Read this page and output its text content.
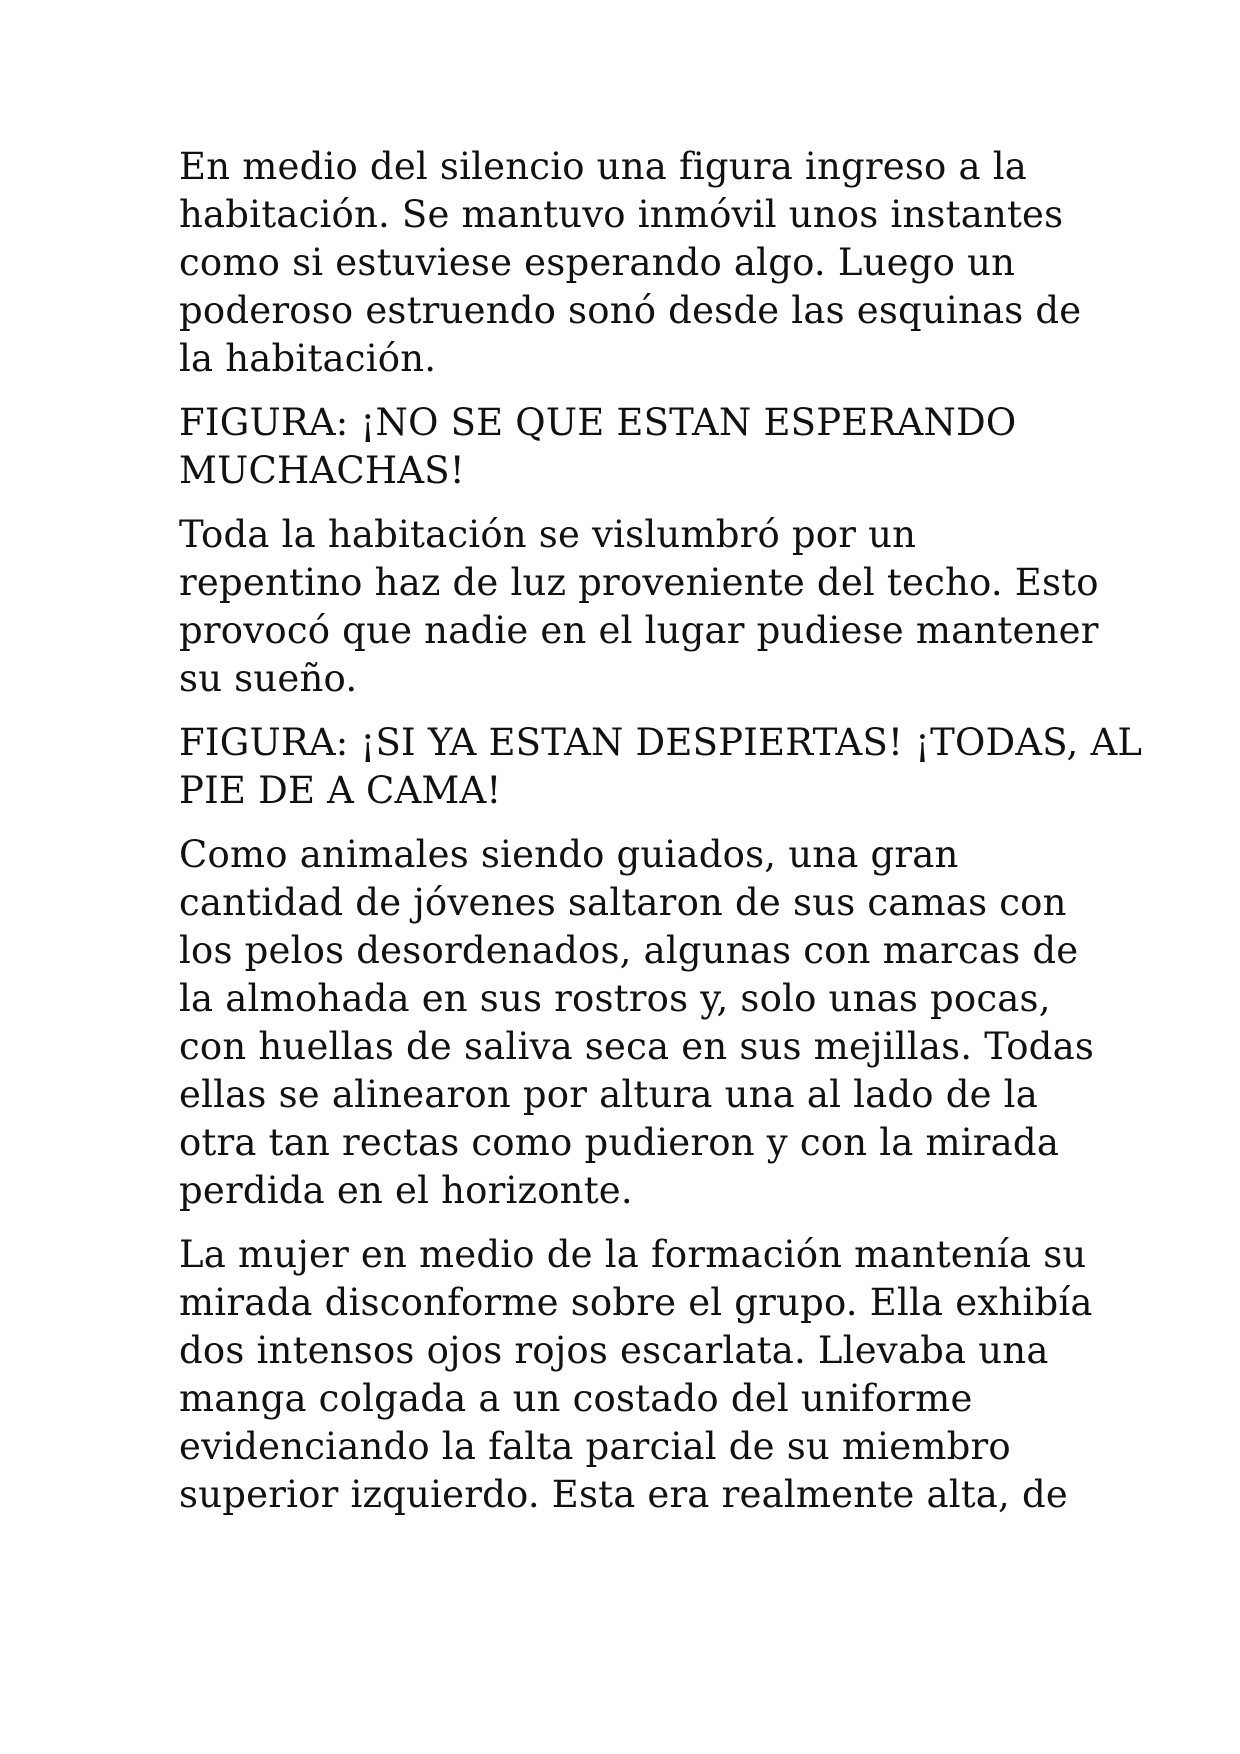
En medio del silencio una figura ingreso a la
habitación. Se mantuvo inmóvil unos instantes
como si estuviese esperando algo. Luego un
poderoso estruendo sonó desde las esquinas de
la habitación.

FIGURA: ¡NO SE QUE ESTAN ESPERANDO
MUCHACHAS!

Toda la habitación se vislumbró por un
repentino haz de luz proveniente del techo. Esto
provocó que nadie en el lugar pudiese mantener
su sueño.

FIGURA: ¡SI YA ESTAN DESPIERTAS! ¡TODAS, AL
PIE DE A CAMA!

Como animales siendo guiados, una gran
cantidad de jóvenes saltaron de sus camas con
los pelos desordenados, algunas con marcas de
la almohada en sus rostros y, solo unas pocas,
con huellas de saliva seca en sus mejillas. Todas
ellas se alinearon por altura una al lado de la
otra tan rectas como pudieron y con la mirada
perdida en el horizonte.

La mujer en medio de la formación mantenía su
mirada disconforme sobre el grupo. Ella exhibía
dos intensos ojos rojos escarlata. Llevaba una
manga colgada a un costado del uniforme
evidenciando la falta parcial de su miembro
superior izquierdo. Esta era realmente alta, de
